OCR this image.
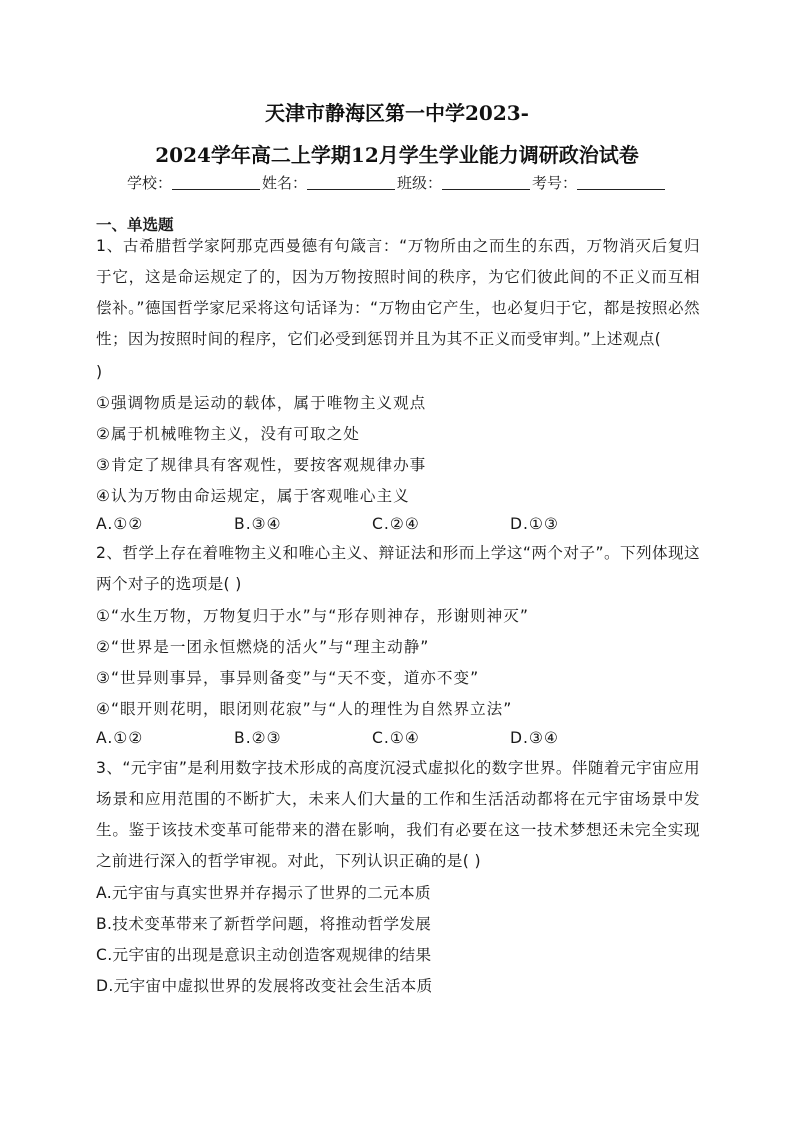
天津市静海区第一中学2023-
2024学年高二上学期12月学生学业能力调研政治试卷
学校：	姓名：	班级：	考号：
一、单选题
1、古希腊哲学家阿那克西曼德有句箴言：“万物所由之而生的东西，万物消灭后复归于它，这是命运规定了的，因为万物按照时间的秩序，为它们彼此间的不正义而互相偿补。”德国哲学家尼采将这句话译为：“万物由它产生，也必复归于它，都是按照必然性；因为按照时间的程序，它们必受到惩罚并且为其不正义而受审判。”上述观点(
)
①强调物质是运动的载体，属于唯物主义观点
②属于机械唯物主义，没有可取之处
③肯定了规律具有客观性，要按客观规律办事
④认为万物由命运规定，属于客观唯心主义
A.①②	B.③④	C.②④	D.①③
2、哲学上存在着唯物主义和唯心主义、辩证法和形而上学这“两个对子”。下列体现这两个对子的选项是( )
①“水生万物，万物复归于水”与“形存则神存，形谢则神灭”
②“世界是一团永恒燃烧的活火”与“理主动静”
③“世异则事异，事异则备变”与“天不变，道亦不变”
④“眼开则花明，眼闭则花寂”与“人的理性为自然界立法”
A.①②	B.②③	C.①④	D.③④
3、“元宇宙”是利用数字技术形成的高度沉浸式虚拟化的数字世界。伴随着元宇宙应用场景和应用范围的不断扩大，未来人们大量的工作和生活活动都将在元宇宙场景中发生。鉴于该技术变革可能带来的潜在影响，我们有必要在这一技术梦想还未完全实现之前进行深入的哲学审视。对此，下列认识正确的是( )
A.元宇宙与真实世界并存揭示了世界的二元本质
B.技术变革带来了新哲学问题，将推动哲学发展
C.元宇宙的出现是意识主动创造客观规律的结果
D.元宇宙中虚拟世界的发展将改变社会生活本质
